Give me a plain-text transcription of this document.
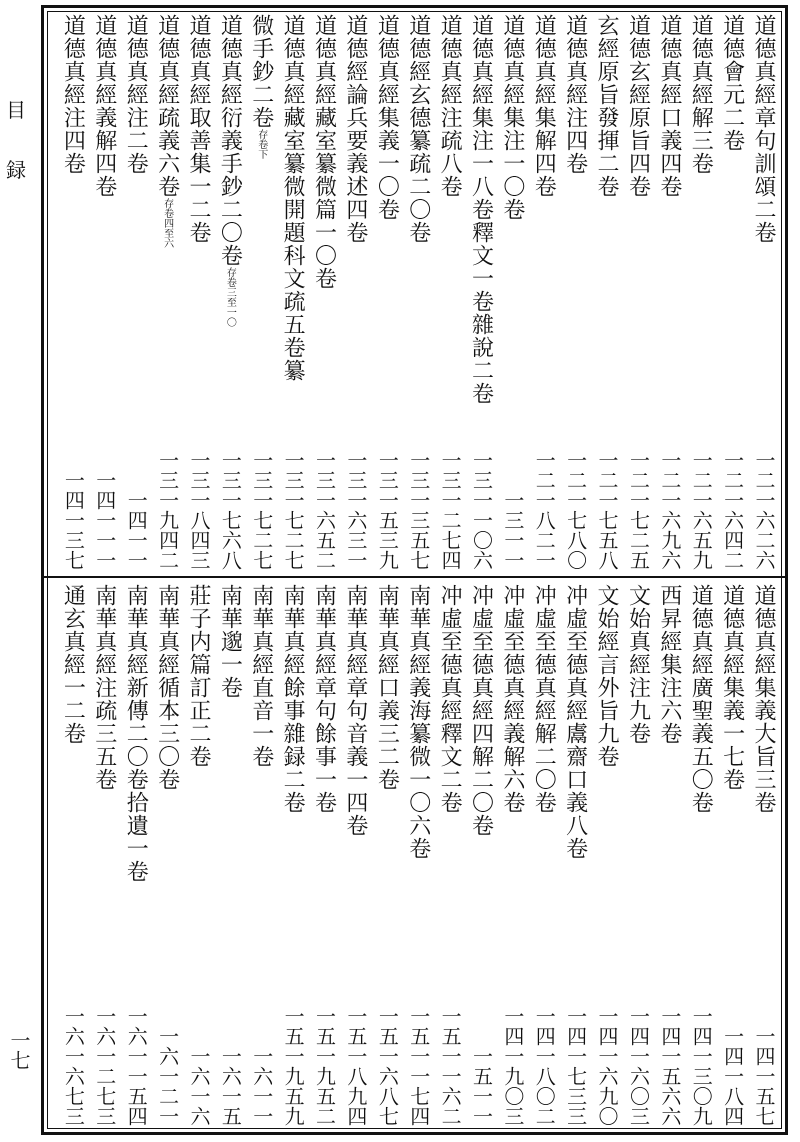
目
録
一七
道德真經章句訓頌二卷
一二一六二六
道德會元二卷
一二一六四二
道德真經解三卷
一二一六五九
道德真經口義四卷
一二一六九六
道德玄經原旨四卷
一二一七二五
玄經原旨發揮二卷
一二一七五八
道德真經注四卷
一二一七八〇
道德真經集解四卷
一二一八二一
道德真經集注一〇卷
一三一一
道德真經集注一八卷釋文一卷雜說二卷
一三一一〇六
道德真經注疏八卷
一三一二七四
道德經玄德纂疏二〇卷
一三一三五七
道德真經集義一〇卷
一三一五三九
道德經論兵要義述四卷
一三一六三一
道德真經藏室纂微篇一〇卷
一三一六五二
道德真經藏室纂微開題科文疏五卷纂
一三一七二七
微手鈔二卷存卷下
一三一七二七
道德真經衍義手鈔二〇卷存卷三至一〇
一三一七六八
道德真經取善集一二卷
一三一八四三
道德真經疏義六卷存卷四至六
一三一九四二
道德真經注二卷
一四一一
道德真經義解四卷
一四一一一
道德真經注四卷
一四一三七
道德真經集義大旨三卷
一四一五七
道德真經集義一七卷
一四一八四
道德真經廣聖義五〇卷
一四一三〇九
西昇經集注六卷
一四一五六六
文始真經注九卷
一四一六〇三
文始經言外旨九卷
一四一六九〇
冲虛至德真經鬳齋口義八卷
一四一七三三
冲虛至德真經解二〇卷
一四一八〇二
冲虛至德真經義解六卷
一四一九〇三
冲虛至德真經四解二〇卷
一五一一
冲虛至德真經釋文二卷
一五一一六二
南華真經義海纂微一〇六卷
一五一一七四
南華真經口義三二卷
一五一六八七
南華真經章句音義一四卷
一五一八九四
南華真經章句餘事一卷
一五一九五二
南華真經餘事雜録二卷
一五一九五九
南華真經直音一卷
一六一一
南華邈一卷
一六一五
莊子内篇訂正二卷
一六一六
南華真經循本三〇卷
一六一二一
南華真經新傳二〇卷拾遺一卷
一六一一五四
南華真經注疏三五卷
一六一二七三
通玄真經一二卷
一六一六七三
